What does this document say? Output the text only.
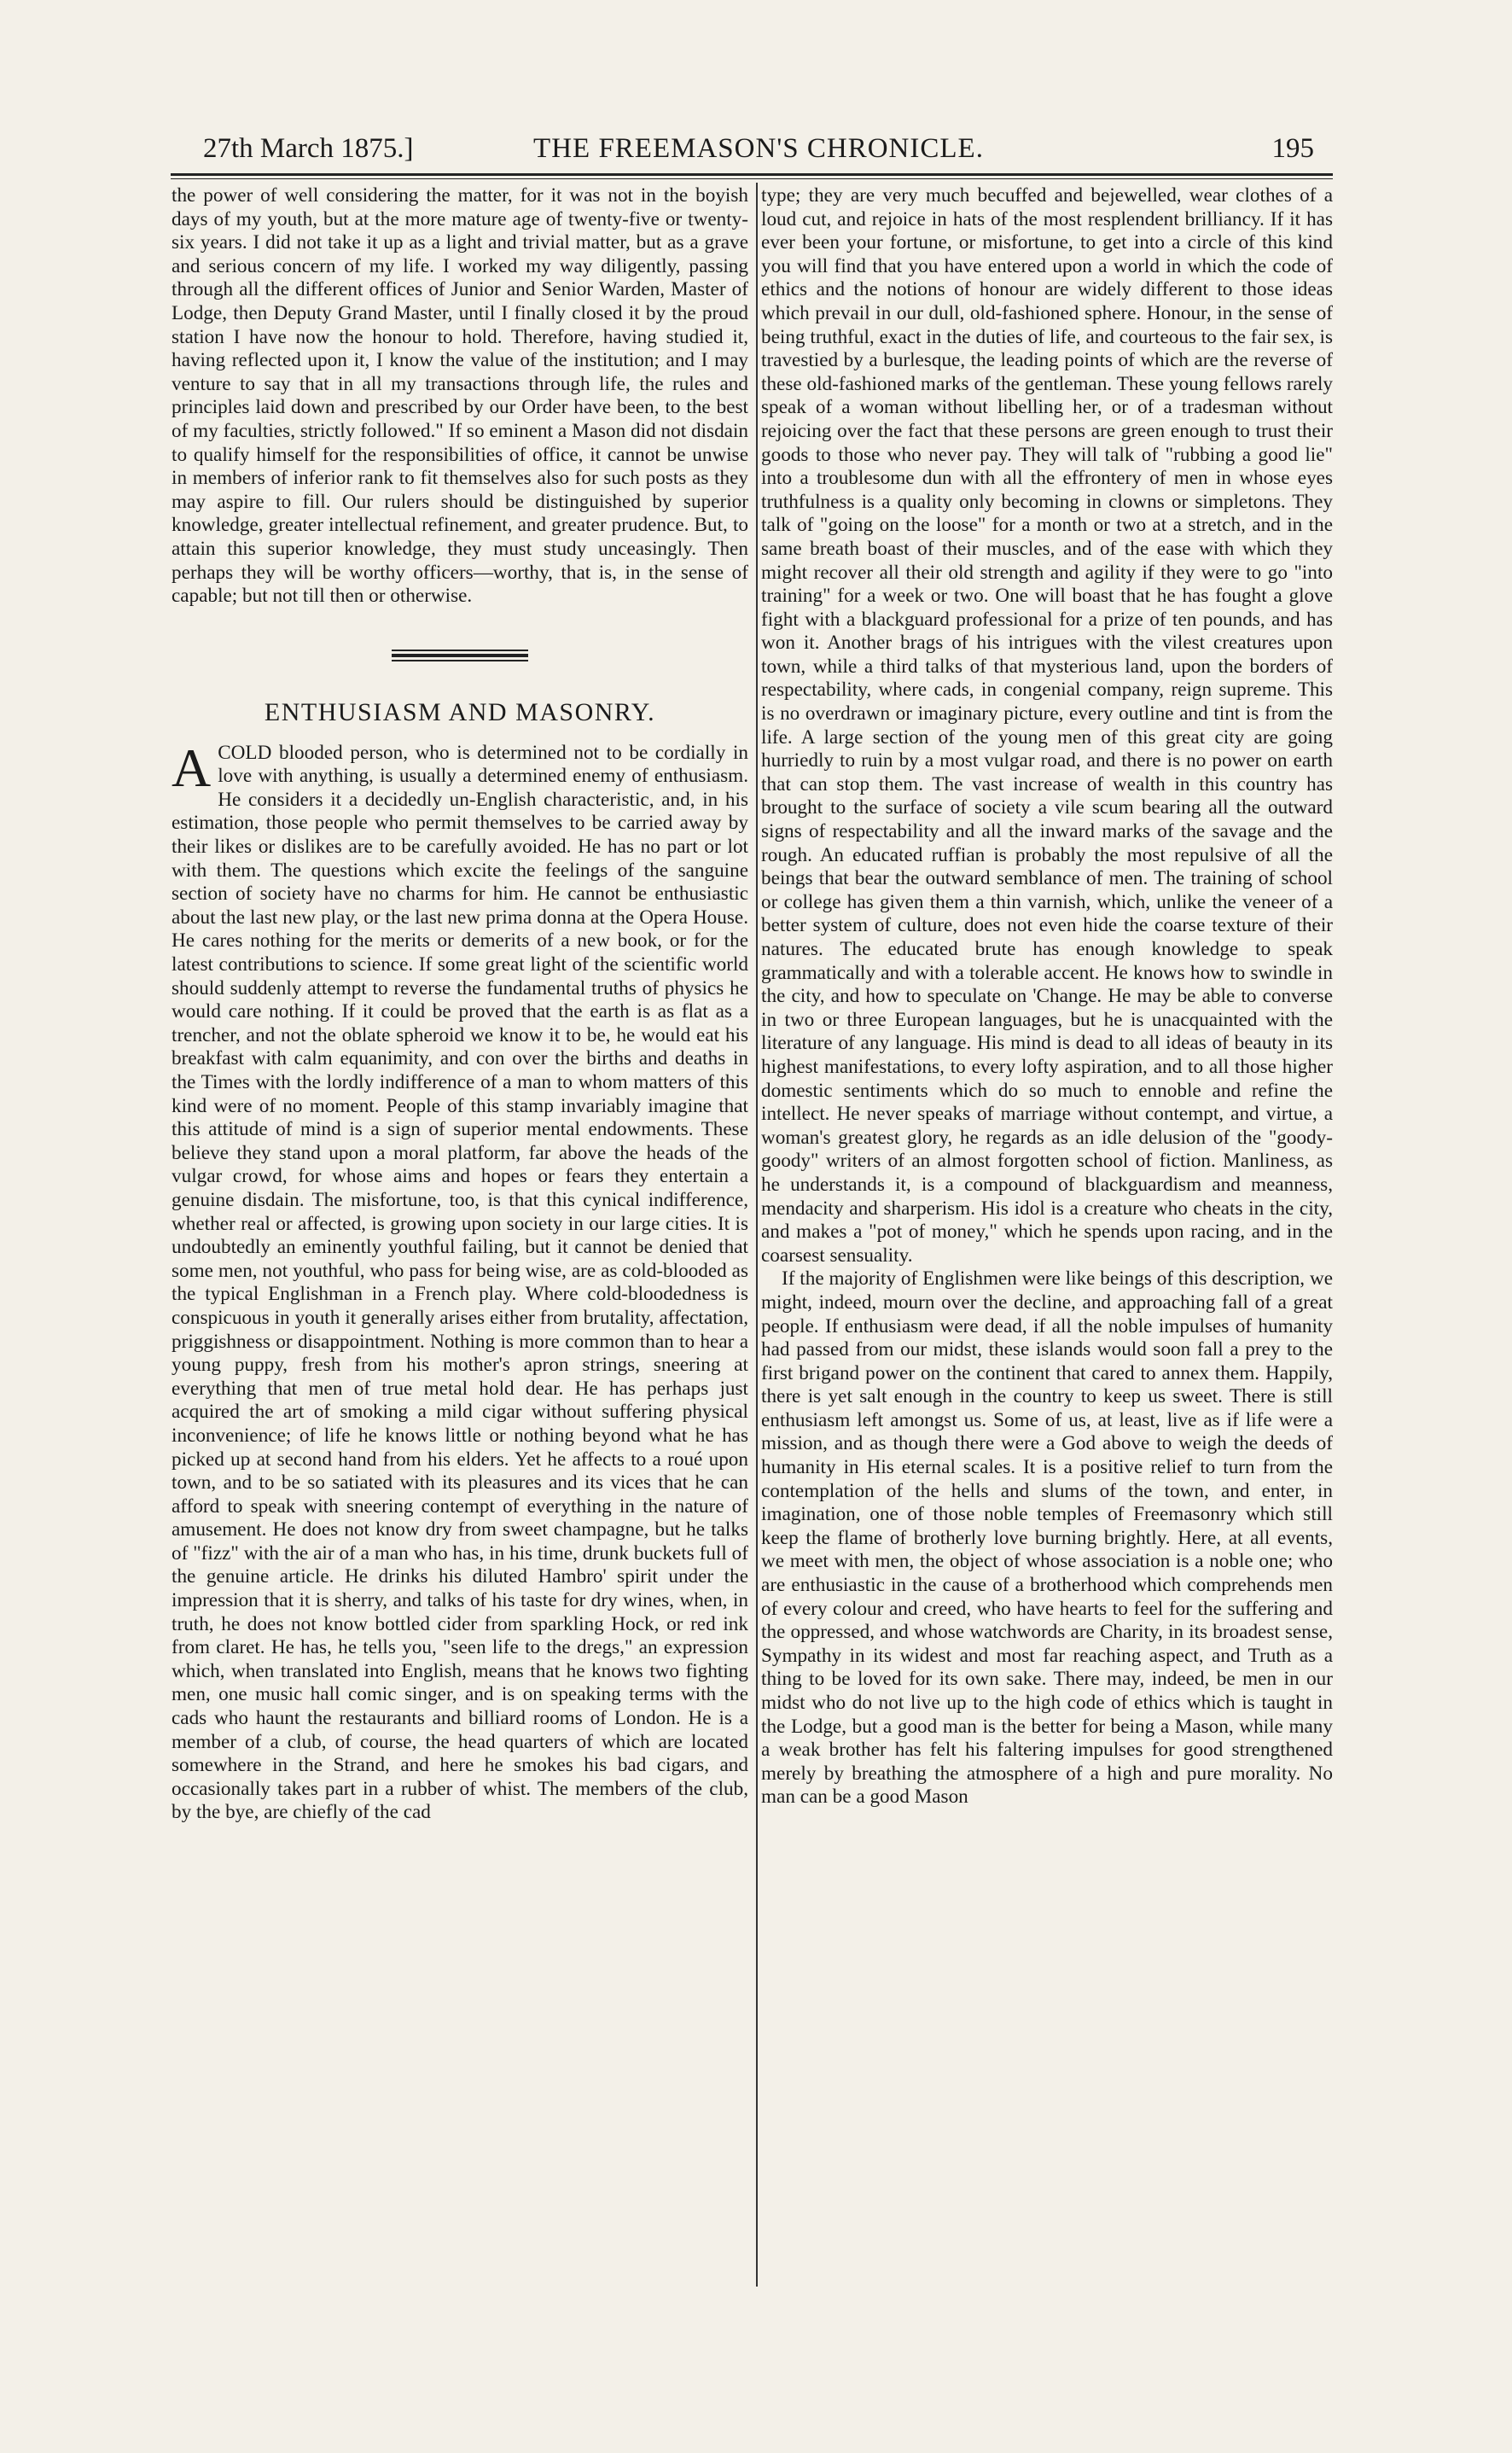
27th March 1875.]	THE FREEMASON'S CHRONICLE.	195

the power of well considering the matter, for it was not in the boyish days of my youth, but at the more mature age of twenty-five or twenty-six years. I did not take it up as a light and trivial matter, but as a grave and serious concern of my life. I worked my way diligently, passing through all the different offices of Junior and Senior Warden, Master of Lodge, then Deputy Grand Master, until I finally closed it by the proud station I have now the honour to hold. Therefore, having studied it, having reflected upon it, I know the value of the institution; and I may venture to say that in all my transactions through life, the rules and principles laid down and prescribed by our Order have been, to the best of my faculties, strictly followed." If so eminent a Mason did not disdain to qualify himself for the responsibilities of office, it cannot be unwise in members of inferior rank to fit themselves also for such posts as they may aspire to fill. Our rulers should be distinguished by superior knowledge, greater intellectual refinement, and greater prudence. But, to attain this superior knowledge, they must study unceasingly. Then perhaps they will be worthy officers—worthy, that is, in the sense of capable; but not till then or otherwise.

ENTHUSIASM AND MASONRY.

ACOLD blooded person, who is determined not to be cordially in love with anything, is usually a determined enemy of enthusiasm. He considers it a decidedly un-English characteristic, and, in his estimation, those people who permit themselves to be carried away by their likes or dislikes are to be carefully avoided. He has no part or lot with them. The questions which excite the feelings of the sanguine section of society have no charms for him. He cannot be enthusiastic about the last new play, or the last new prima donna at the Opera House. He cares nothing for the merits or demerits of a new book, or for the latest contributions to science. If some great light of the scientific world should suddenly attempt to reverse the fundamental truths of physics he would care nothing. If it could be proved that the earth is as flat as a trencher, and not the oblate spheroid we know it to be, he would eat his breakfast with calm equanimity, and con over the births and deaths in the Times with the lordly indifference of a man to whom matters of this kind were of no moment. People of this stamp invariably imagine that this attitude of mind is a sign of superior mental endowments. These believe they stand upon a moral platform, far above the heads of the vulgar crowd, for whose aims and hopes or fears they entertain a genuine disdain. The misfortune, too, is that this cynical indifference, whether real or affected, is growing upon society in our large cities. It is undoubtedly an eminently youthful failing, but it cannot be denied that some men, not youthful, who pass for being wise, are as cold-blooded as the typical Englishman in a French play. Where cold-bloodedness is conspicuous in youth it generally arises either from brutality, affectation, priggishness or disappointment. Nothing is more common than to hear a young puppy, fresh from his mother's apron strings, sneering at everything that men of true metal hold dear. He has perhaps just acquired the art of smoking a mild cigar without suffering physical inconvenience; of life he knows little or nothing beyond what he has picked up at second hand from his elders. Yet he affects to a roué upon town, and to be so satiated with its pleasures and its vices that he can afford to speak with sneering contempt of everything in the nature of amusement. He does not know dry from sweet champagne, but he talks of "fizz" with the air of a man who has, in his time, drunk buckets full of the genuine article. He drinks his diluted Hambro' spirit under the impression that it is sherry, and talks of his taste for dry wines, when, in truth, he does not know bottled cider from sparkling Hock, or red ink from claret. He has, he tells you, "seen life to the dregs," an expression which, when translated into English, means that he knows two fighting men, one music hall comic singer, and is on speaking terms with the cads who haunt the restaurants and billiard rooms of London. He is a member of a club, of course, the head quarters of which are located somewhere in the Strand, and here he smokes his bad cigars, and occasionally takes part in a rubber of whist. The members of the club, by the bye, are chiefly of the cad

type; they are very much becuffed and bejewelled, wear clothes of a loud cut, and rejoice in hats of the most resplendent brilliancy. If it has ever been your fortune, or misfortune, to get into a circle of this kind you will find that you have entered upon a world in which the code of ethics and the notions of honour are widely different to those ideas which prevail in our dull, old-fashioned sphere. Honour, in the sense of being truthful, exact in the duties of life, and courteous to the fair sex, is travestied by a burlesque, the leading points of which are the reverse of these old-fashioned marks of the gentleman. These young fellows rarely speak of a woman without libelling her, or of a tradesman without rejoicing over the fact that these persons are green enough to trust their goods to those who never pay. They will talk of "rubbing a good lie" into a troublesome dun with all the effrontery of men in whose eyes truthfulness is a quality only becoming in clowns or simpletons. They talk of "going on the loose" for a month or two at a stretch, and in the same breath boast of their muscles, and of the ease with which they might recover all their old strength and agility if they were to go "into training" for a week or two. One will boast that he has fought a glove fight with a blackguard professional for a prize of ten pounds, and has won it. Another brags of his intrigues with the vilest creatures upon town, while a third talks of that mysterious land, upon the borders of respectability, where cads, in congenial company, reign supreme. This is no overdrawn or imaginary picture, every outline and tint is from the life. A large section of the young men of this great city are going hurriedly to ruin by a most vulgar road, and there is no power on earth that can stop them. The vast increase of wealth in this country has brought to the surface of society a vile scum bearing all the outward signs of respectability and all the inward marks of the savage and the rough. An educated ruffian is probably the most repulsive of all the beings that bear the outward semblance of men. The training of school or college has given them a thin varnish, which, unlike the veneer of a better system of culture, does not even hide the coarse texture of their natures. The educated brute has enough knowledge to speak grammatically and with a tolerable accent. He knows how to swindle in the city, and how to speculate on 'Change. He may be able to converse in two or three European languages, but he is unacquainted with the literature of any language. His mind is dead to all ideas of beauty in its highest manifestations, to every lofty aspiration, and to all those higher domestic sentiments which do so much to ennoble and refine the intellect. He never speaks of marriage without contempt, and virtue, a woman's greatest glory, he regards as an idle delusion of the "goody-goody" writers of an almost forgotten school of fiction. Manliness, as he understands it, is a compound of blackguardism and meanness, mendacity and sharperism. His idol is a creature who cheats in the city, and makes a "pot of money," which he spends upon racing, and in the coarsest sensuality.

If the majority of Englishmen were like beings of this description, we might, indeed, mourn over the decline, and approaching fall of a great people. If enthusiasm were dead, if all the noble impulses of humanity had passed from our midst, these islands would soon fall a prey to the first brigand power on the continent that cared to annex them. Happily, there is yet salt enough in the country to keep us sweet. There is still enthusiasm left amongst us. Some of us, at least, live as if life were a mission, and as though there were a God above to weigh the deeds of humanity in His eternal scales. It is a positive relief to turn from the contemplation of the hells and slums of the town, and enter, in imagination, one of those noble temples of Freemasonry which still keep the flame of brotherly love burning brightly. Here, at all events, we meet with men, the object of whose association is a noble one; who are enthusiastic in the cause of a brotherhood which comprehends men of every colour and creed, who have hearts to feel for the suffering and the oppressed, and whose watchwords are Charity, in its broadest sense, Sympathy in its widest and most far reaching aspect, and Truth as a thing to be loved for its own sake. There may, indeed, be men in our midst who do not live up to the high code of ethics which is taught in the Lodge, but a good man is the better for being a Mason, while many a weak brother has felt his faltering impulses for good strengthened merely by breathing the atmosphere of a high and pure morality. No man can be a good Mason
